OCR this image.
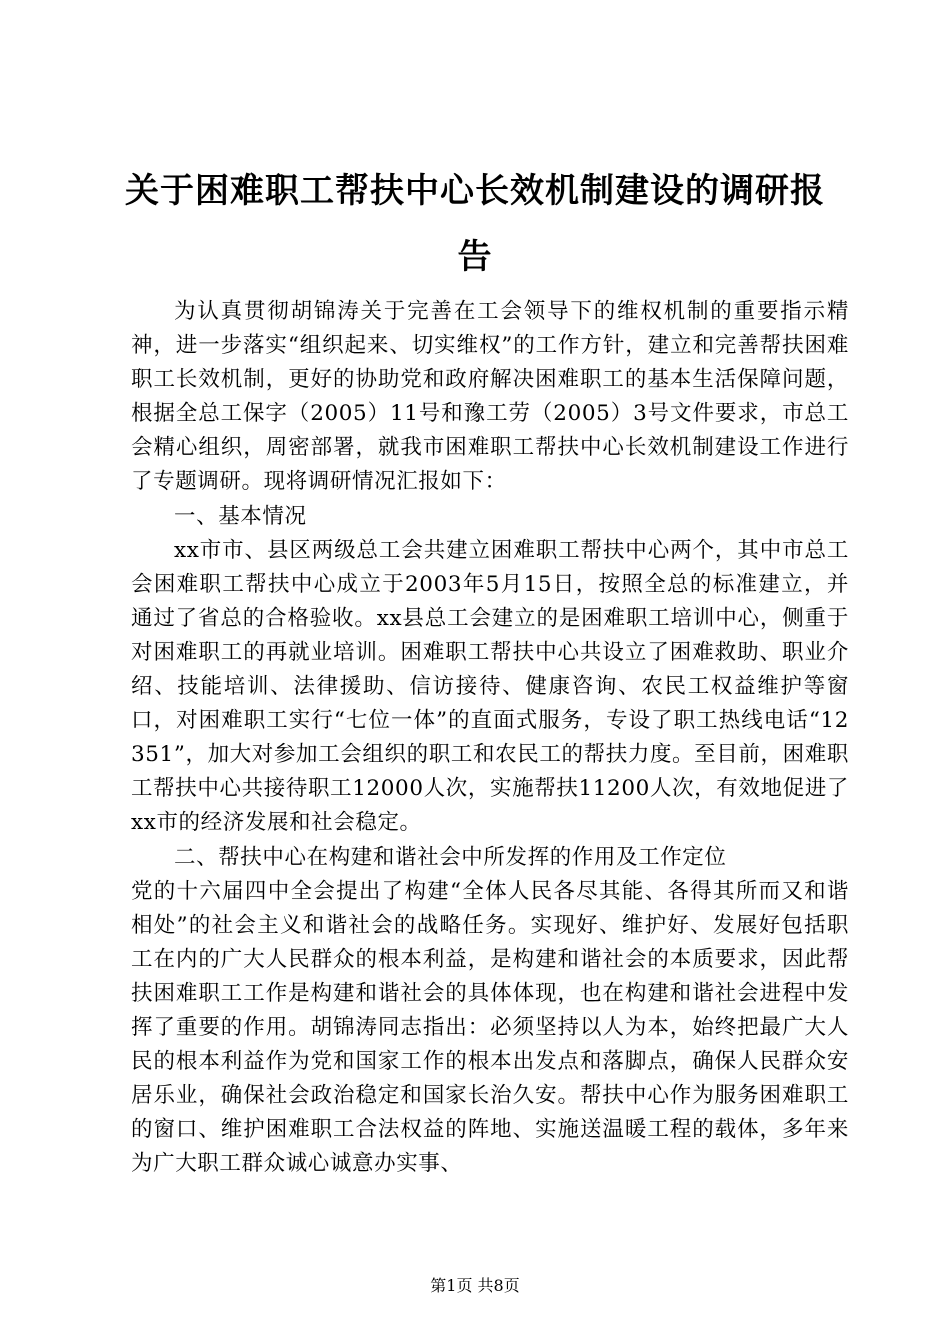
关于困难职工帮扶中心长效机制建设的调研报告

为认真贯彻胡锦涛关于完善在工会领导下的维权机制的重要指示精神，进一步落实“组织起来、切实维权”的工作方针，建立和完善帮扶困难职工长效机制，更好的协助党和政府解决困难职工的基本生活保障问题，根据全总工保字（2005）11号和豫工劳（2005）3号文件要求，市总工会精心组织，周密部署，就我市困难职工帮扶中心长效机制建设工作进行了专题调研。现将调研情况汇报如下：

一、基本情况

xx市市、县区两级总工会共建立困难职工帮扶中心两个，其中市总工会困难职工帮扶中心成立于2003年5月15日，按照全总的标准建立，并通过了省总的合格验收。xx县总工会建立的是困难职工培训中心，侧重于对困难职工的再就业培训。困难职工帮扶中心共设立了困难救助、职业介绍、技能培训、法律援助、信访接待、健康咨询、农民工权益维护等窗口，对困难职工实行“七位一体”的直面式服务，专设了职工热线电话“12351”，加大对参加工会组织的职工和农民工的帮扶力度。至目前，困难职工帮扶中心共接待职工12000人次，实施帮扶11200人次，有效地促进了xx市的经济发展和社会稳定。

二、帮扶中心在构建和谐社会中所发挥的作用及工作定位

党的十六届四中全会提出了构建“全体人民各尽其能、各得其所而又和谐相处”的社会主义和谐社会的战略任务。实现好、维护好、发展好包括职工在内的广大人民群众的根本利益，是构建和谐社会的本质要求，因此帮扶困难职工工作是构建和谐社会的具体体现，也在构建和谐社会进程中发挥了重要的作用。胡锦涛同志指出：必须坚持以人为本，始终把最广大人民的根本利益作为党和国家工作的根本出发点和落脚点，确保人民群众安居乐业，确保社会政治稳定和国家长治久安。帮扶中心作为服务困难职工的窗口、维护困难职工合法权益的阵地、实施送温暖工程的载体，多年来为广大职工群众诚心诚意办实事、

第1页 共8页
